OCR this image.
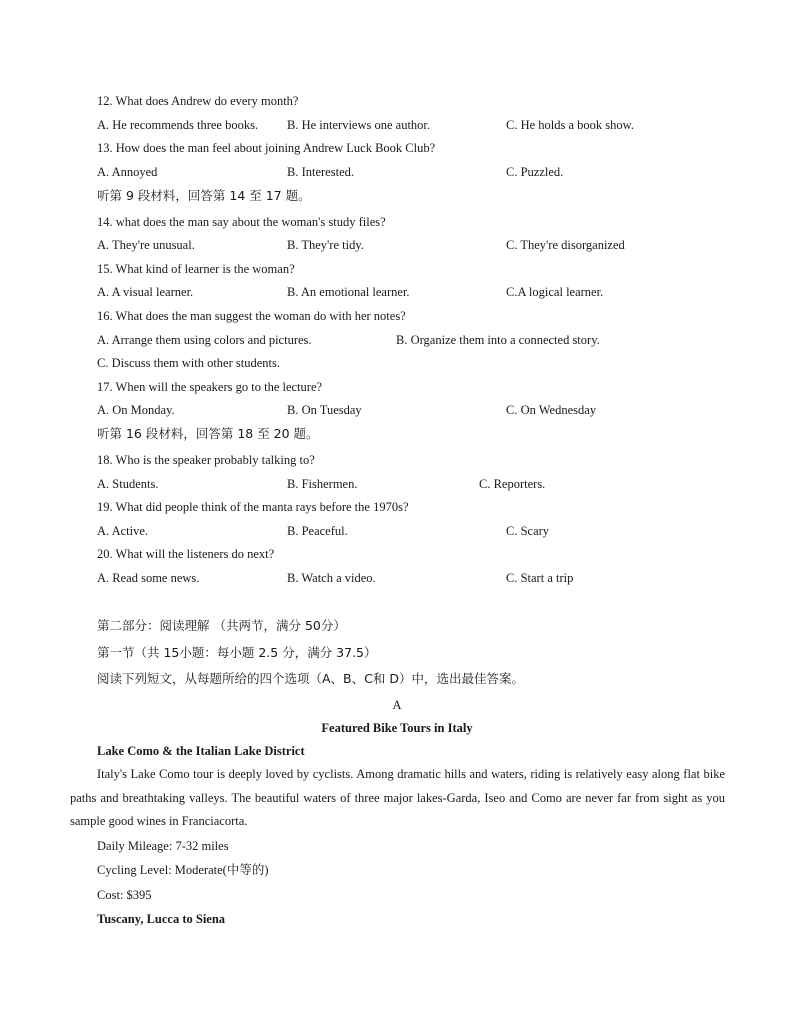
12. What does Andrew do every month?
A. He recommends three books. B. He interviews one author.	C. He holds a book show.
13. How does the man feel about joining Andrew Luck Book Club?
A. Annoyed	B. Interested.	C. Puzzled.
听第 9 段材料，回答第 14 至 17 题。
14. what does the man say about the woman's study files?
A. They're unusual.	B. They're tidy.	C. They're disorganized
15. What kind of learner is the woman?
A. A visual learner.	B. An emotional learner.	C.A logical learner.
16. What does the man suggest the woman do with her notes?
A. Arrange them using colors and pictures.	B. Organize them into a connected story.
C. Discuss them with other students.
17. When will the speakers go to the lecture?
A. On Monday.	B. On Tuesday	C. On Wednesday
听第 16 段材料，回答第 18 至 20 题。
18. Who is the speaker probably talking to?
A. Students.	B. Fishermen.	C. Reporters.
19. What did people think of the manta rays before the 1970s?
A. Active.	B. Peaceful.	C. Scary
20. What will the listeners do next?
A. Read some news.	B. Watch a video.	C. Start a trip
第二部分：阅读理解 （共两节，满分 50分）
第一节（共 15小题：每小题 2.5 分，满分 37.5）
阅读下列短文，从每题所给的四个选项（A、B、C和 D）中，选出最佳答案。
A
Featured Bike Tours in Italy
Lake Como & the Italian Lake District
Italy's Lake Como tour is deeply loved by cyclists. Among dramatic hills and waters, riding is relatively easy along flat bike paths and breathtaking valleys. The beautiful waters of three major lakes-Garda, Iseo and Como are never far from sight as you sample good wines in Franciacorta.
Daily Mileage: 7-32 miles
Cycling Level: Moderate(中等的)
Cost: $395
Tuscany, Lucca to Siena
